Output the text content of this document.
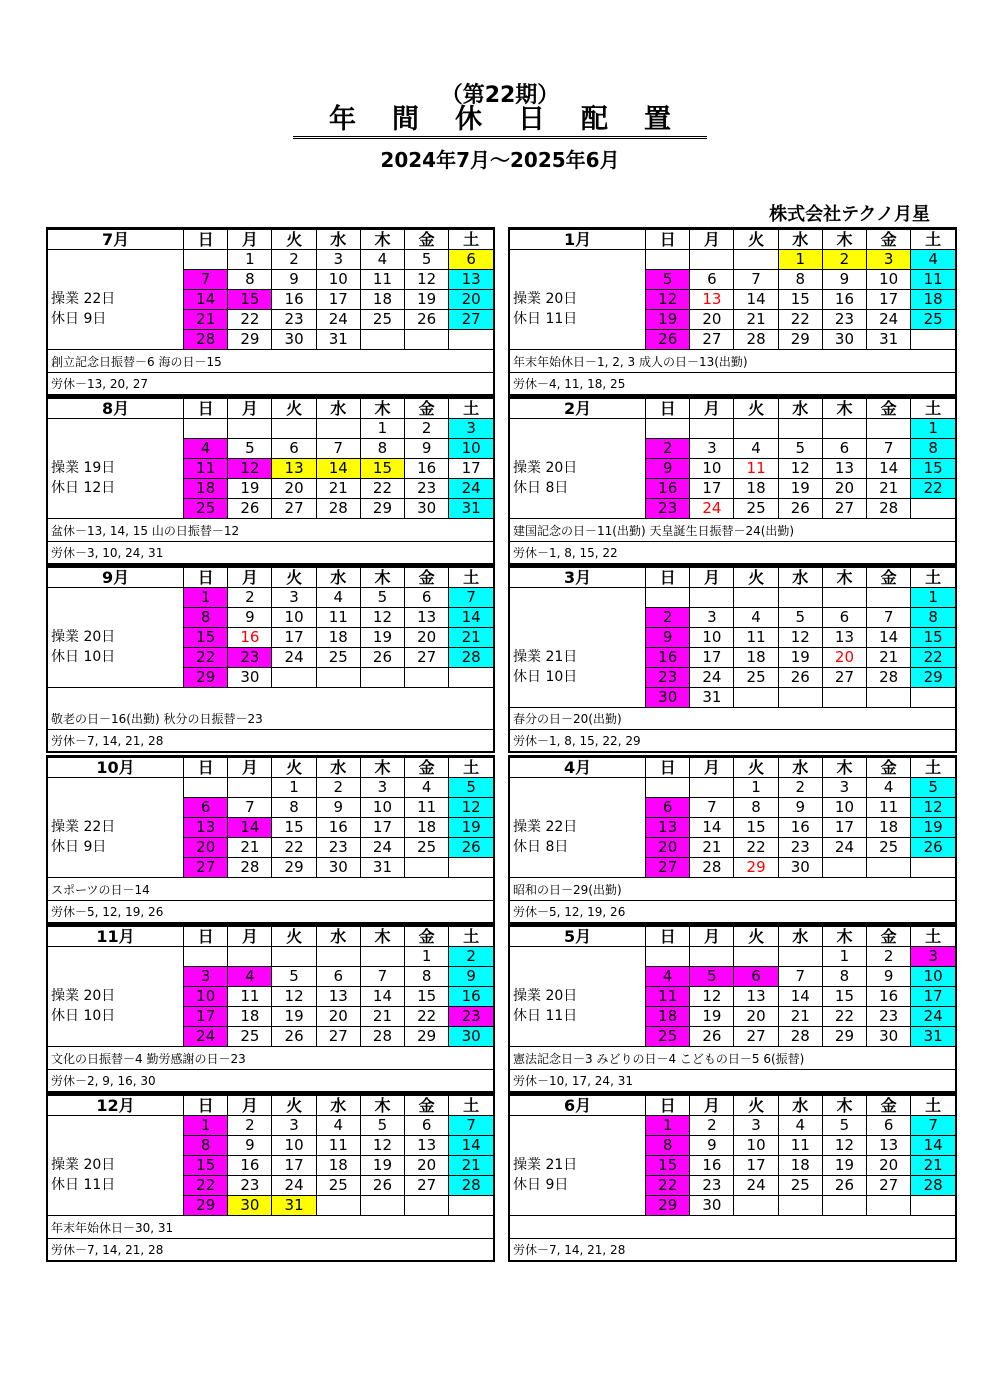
（第22期）
年間休日配置
2024年7月～2025年6月
株式会社テクノ月星
7月	日	月	火	水	木	金	土
		1	2	3	4	5	6
	7	8	9	10	11	12	13
操業 22日	14	15	16	17	18	19	20
休日 9日	21	22	23	24	25	26	27
	28	29	30	31			
創立記念日振替－6 海の日－15
労休－13, 20, 27
1月	日	月	火	水	木	金	土
				1	2	3	4
	5	6	7	8	9	10	11
操業 20日	12	13	14	15	16	17	18
休日 11日	19	20	21	22	23	24	25
	26	27	28	29	30	31	
年末年始休日－1, 2, 3 成人の日－13(出勤)
労休－4, 11, 18, 25
8月	日	月	火	水	木	金	土
					1	2	3
	4	5	6	7	8	9	10
操業 19日	11	12	13	14	15	16	17
休日 12日	18	19	20	21	22	23	24
	25	26	27	28	29	30	31
盆休－13, 14, 15 山の日振替－12
労休－3, 10, 24, 31
2月	日	月	火	水	木	金	土
							1
	2	3	4	5	6	7	8
操業 20日	9	10	11	12	13	14	15
休日 8日	16	17	18	19	20	21	22
	23	24	25	26	27	28	
建国記念の日－11(出勤) 天皇誕生日振替－24(出勤)
労休－1, 8, 15, 22
9月	日	月	火	水	木	金	土
	1	2	3	4	5	6	7
	8	9	10	11	12	13	14
操業 20日	15	16	17	18	19	20	21
休日 10日	22	23	24	25	26	27	28
	29	30					
敬老の日－16(出勤) 秋分の日振替－23
労休－7, 14, 21, 28
3月	日	月	火	水	木	金	土
							1
	2	3	4	5	6	7	8
	9	10	11	12	13	14	15
操業 21日	16	17	18	19	20	21	22
休日 10日	23	24	25	26	27	28	29
	30	31					
春分の日－20(出勤)
労休－1, 8, 15, 22, 29
10月	日	月	火	水	木	金	土
			1	2	3	4	5
	6	7	8	9	10	11	12
操業 22日	13	14	15	16	17	18	19
休日 9日	20	21	22	23	24	25	26
	27	28	29	30	31		
スポーツの日－14
労休－5, 12, 19, 26
4月	日	月	火	水	木	金	土
			1	2	3	4	5
	6	7	8	9	10	11	12
操業 22日	13	14	15	16	17	18	19
休日 8日	20	21	22	23	24	25	26
	27	28	29	30			
昭和の日－29(出勤)
労休－5, 12, 19, 26
11月	日	月	火	水	木	金	土
						1	2
	3	4	5	6	7	8	9
操業 20日	10	11	12	13	14	15	16
休日 10日	17	18	19	20	21	22	23
	24	25	26	27	28	29	30
文化の日振替－4 勤労感謝の日－23
労休－2, 9, 16, 30
5月	日	月	火	水	木	金	土
					1	2	3
	4	5	6	7	8	9	10
操業 20日	11	12	13	14	15	16	17
休日 11日	18	19	20	21	22	23	24
	25	26	27	28	29	30	31
憲法記念日－3 みどりの日－4 こどもの日－5 6(振替)
労休－10, 17, 24, 31
12月	日	月	火	水	木	金	土
	1	2	3	4	5	6	7
	8	9	10	11	12	13	14
操業 20日	15	16	17	18	19	20	21
休日 11日	22	23	24	25	26	27	28
	29	30	31				
年末年始休日－30, 31
労休－7, 14, 21, 28
6月	日	月	火	水	木	金	土
	1	2	3	4	5	6	7
	8	9	10	11	12	13	14
操業 21日	15	16	17	18	19	20	21
休日 9日	22	23	24	25	26	27	28
	29	30					
労休－7, 14, 21, 28
